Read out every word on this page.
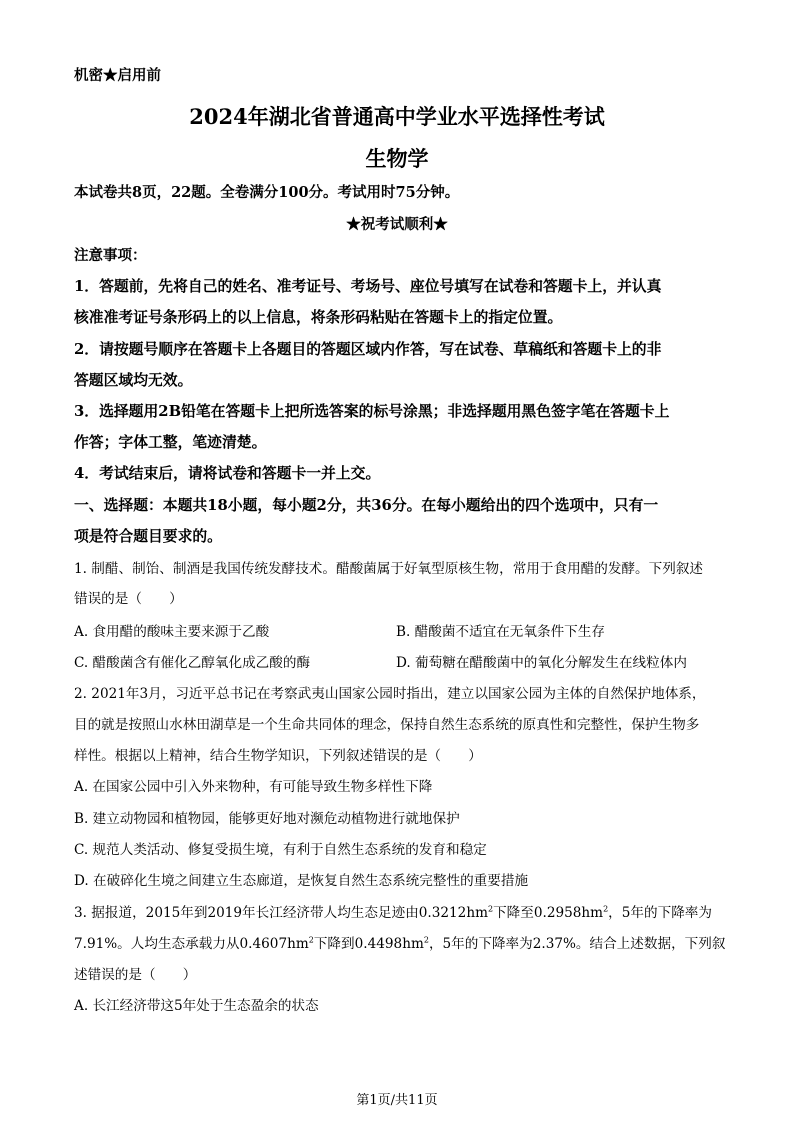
机密★启用前
2024年湖北省普通高中学业水平选择性考试
生物学
本试卷共8页，22题。全卷满分100分。考试用时75分钟。
★祝考试顺利★
注意事项：
1．答题前，先将自己的姓名、准考证号、考场号、座位号填写在试卷和答题卡上，并认真
核准准考证号条形码上的以上信息，将条形码粘贴在答题卡上的指定位置。
2．请按题号顺序在答题卡上各题目的答题区域内作答，写在试卷、草稿纸和答题卡上的非
答题区域均无效。
3．选择题用2B铅笔在答题卡上把所选答案的标号涂黑；非选择题用黑色签字笔在答题卡上
作答；字体工整，笔迹清楚。
4．考试结束后，请将试卷和答题卡一并上交。
一、选择题：本题共18小题，每小题2分，共36分。在每小题给出的四个选项中，只有一
项是符合题目要求的。
1. 制醋、制饴、制酒是我国传统发酵技术。醋酸菌属于好氧型原核生物，常用于食用醋的发酵。下列叙述
错误的是（　　）
A. 食用醋的酸味主要来源于乙酸	B. 醋酸菌不适宜在无氧条件下生存
C. 醋酸菌含有催化乙醇氧化成乙酸的酶	D. 葡萄糖在醋酸菌中的氧化分解发生在线粒体内
2. 2021年3月，习近平总书记在考察武夷山国家公园时指出，建立以国家公园为主体的自然保护地体系，
目的就是按照山水林田湖草是一个生命共同体的理念，保持自然生态系统的原真性和完整性，保护生物多
样性。根据以上精神，结合生物学知识，下列叙述错误的是（　　）
A. 在国家公园中引入外来物种，有可能导致生物多样性下降
B. 建立动物园和植物园，能够更好地对濒危动植物进行就地保护
C. 规范人类活动、修复受损生境，有利于自然生态系统的发育和稳定
D. 在破碎化生境之间建立生态廊道，是恢复自然生态系统完整性的重要措施
3. 据报道，2015年到2019年长江经济带人均生态足迹由$0.3212hm^2$下降至$0.2958hm^2$，5年的下降率为
7.91%。人均生态承载力从$0.4607hm^2$下降到$0.4498hm^2$，5年的下降率为2.37%。结合上述数据，下列叙
述错误的是（　　）
A. 长江经济带这5年处于生态盈余的状态
第1页/共11页
